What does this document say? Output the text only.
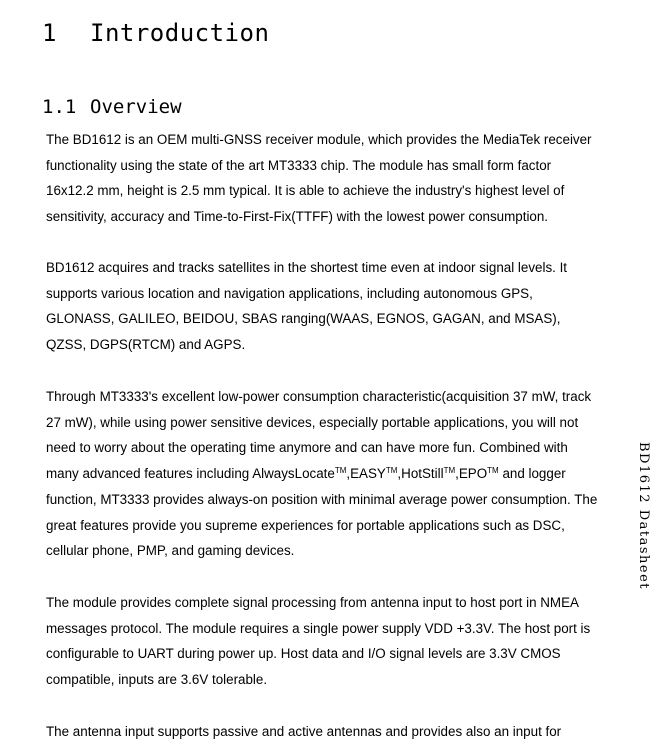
1 Introduction
1.1 Overview

The BD1612 is an OEM multi-GNSS receiver module, which provides the MediaTek receiver
functionality using the state of the art MT3333 chip. The module has small form factor
16x12.2 mm, height is 2.5 mm typical. It is able to achieve the industry's highest level of
sensitivity, accuracy and Time-to-First-Fix(TTFF) with the lowest power consumption.

BD1612 acquires and tracks satellites in the shortest time even at indoor signal levels. It
supports various location and navigation applications, including autonomous GPS,
GLONASS, GALILEO, BEIDOU, SBAS ranging(WAAS, EGNOS, GAGAN, and MSAS),
QZSS, DGPS(RTCM) and AGPS.

Through MT3333's excellent low-power consumption characteristic(acquisition 37 mW, track
27 mW), while using power sensitive devices, especially portable applications, you will not
need to worry about the operating time anymore and can have more fun. Combined with
many advanced features including AlwaysLocate™,EASY™,HotStill™,EPO™ and logger
function, MT3333 provides always-on position with minimal average power consumption. The
great features provide you supreme experiences for portable applications such as DSC,
cellular phone, PMP, and gaming devices.

The module provides complete signal processing from antenna input to host port in NMEA
messages protocol. The module requires a single power supply VDD +3.3V. The host port is
configurable to UART during power up. Host data and I/O signal levels are 3.3V CMOS
compatible, inputs are 3.6V tolerable.

The antenna input supports passive and active antennas and provides also an input for

BD1612 Datasheet
